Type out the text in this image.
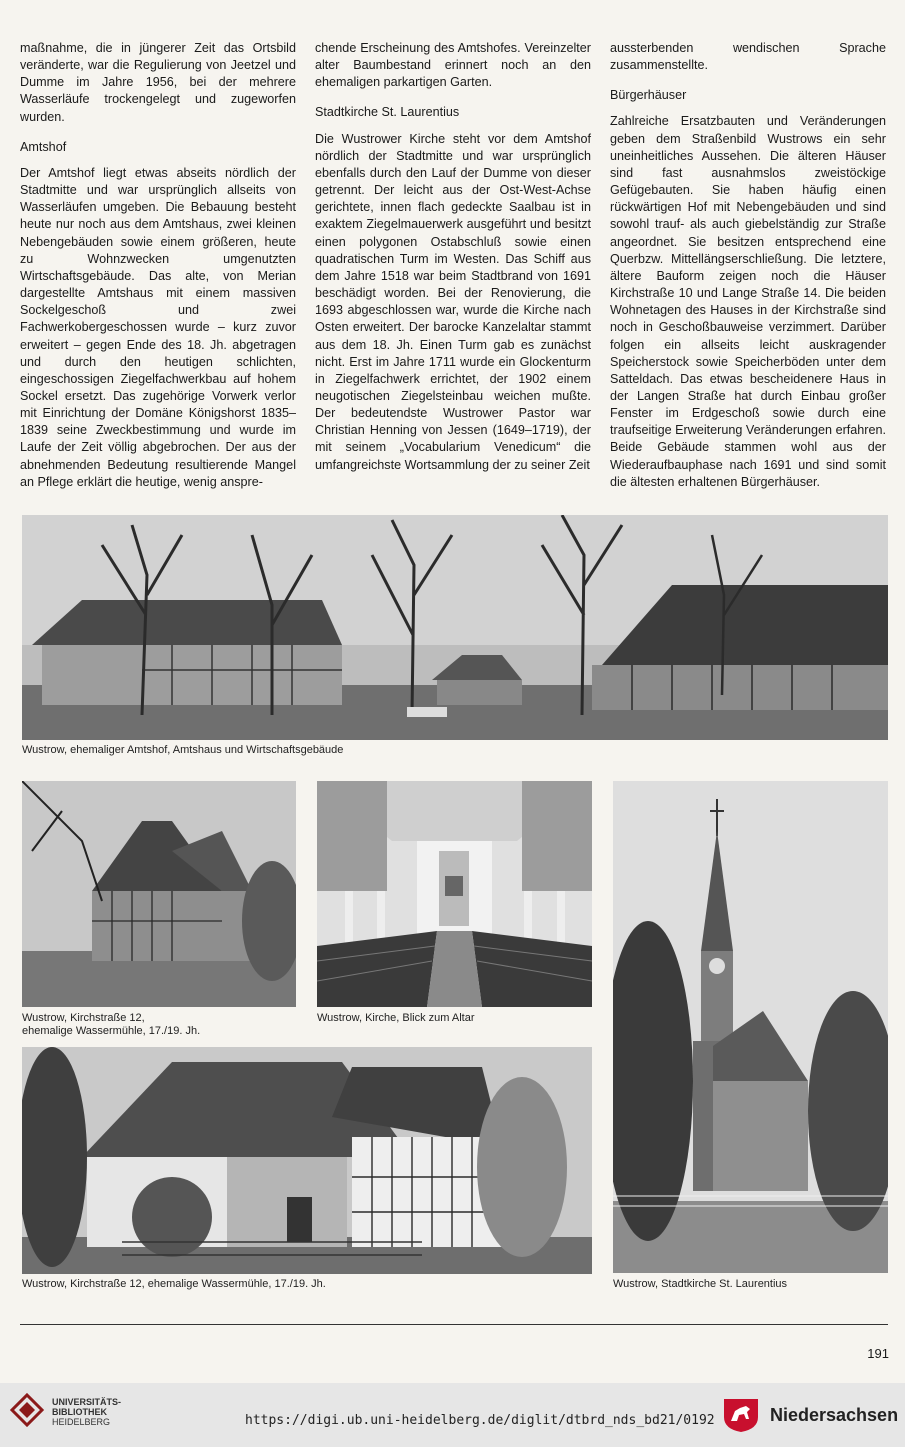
maßnahme, die in jüngerer Zeit das Ortsbild veränderte, war die Regulierung von Jeetzel und Dumme im Jahre 1956, bei der mehrere Wasserläufe trockengelegt und zugeworfen wurden.

Amtshof

Der Amtshof liegt etwas abseits nördlich der Stadtmitte und war ursprünglich allseits von Wasserläufen umgeben. Die Bebauung besteht heute nur noch aus dem Amtshaus, zwei kleinen Nebengebäuden sowie einem größeren, heute zu Wohnzwecken umgenutzten Wirtschaftsgebäude. Das alte, von Merian dargestellte Amtshaus mit einem massiven Sockelgeschoß und zwei Fachwerkobergeschossen wurde – kurz zuvor erweitert – gegen Ende des 18. Jh. abgetragen und durch den heutigen schlichten, eingeschossigen Ziegelfachwerkbau auf hohem Sockel ersetzt. Das zugehörige Vorwerk verlor mit Einrichtung der Domäne Königshorst 1835–1839 seine Zweckbestimmung und wurde im Laufe der Zeit völlig abgebrochen. Der aus der abnehmenden Bedeutung resultierende Mangel an Pflege erklärt die heutige, wenig anspre-

chende Erscheinung des Amtshofes. Vereinzelter alter Baumbestand erinnert noch an den ehemaligen parkartigen Garten.

Stadtkirche St. Laurentius

Die Wustrower Kirche steht vor dem Amtshof nördlich der Stadtmitte und war ursprünglich ebenfalls durch den Lauf der Dumme von dieser getrennt. Der leicht aus der Ost-West-Achse gerichtete, innen flach gedeckte Saalbau ist in exaktem Ziegelmauerwerk ausgeführt und besitzt einen polygonen Ostabschluß sowie einen quadratischen Turm im Westen. Das Schiff aus dem Jahre 1518 war beim Stadtbrand von 1691 beschädigt worden. Bei der Renovierung, die 1693 abgeschlossen war, wurde die Kirche nach Osten erweitert. Der barocke Kanzelaltar stammt aus dem 18. Jh. Einen Turm gab es zunächst nicht. Erst im Jahre 1711 wurde ein Glockenturm in Ziegelfachwerk errichtet, der 1902 einem neugotischen Ziegelsteinbau weichen mußte. Der bedeutendste Wustrower Pastor war Christian Henning von Jessen (1649–1719), der mit seinem „Vocabularium Venedicum“ die umfangreichste Wortsammlung der zu seiner Zeit

aussterbenden wendischen Sprache zusammenstellte.

Bürgerhäuser

Zahlreiche Ersatzbauten und Veränderungen geben dem Straßenbild Wustrows ein sehr uneinheitliches Aussehen. Die älteren Häuser sind fast ausnahmslos zweistöckige Gefügebauten. Sie haben häufig einen rückwärtigen Hof mit Nebengebäuden und sind sowohl trauf- als auch giebelständig zur Straße angeordnet. Sie besitzen entsprechend eine Querbzw. Mittellängserschließung. Die letztere, ältere Bauform zeigen noch die Häuser Kirchstraße 10 und Lange Straße 14. Die beiden Wohnetagen des Hauses in der Kirchstraße sind noch in Geschoßbauweise verzimmert. Darüber folgen ein allseits leicht auskragender Speicherstock sowie Speicherböden unter dem Satteldach. Das etwas bescheidenere Haus in der Langen Straße hat durch Einbau großer Fenster im Erdgeschoß sowie durch eine traufseitige Erweiterung Veränderungen erfahren. Beide Gebäude stammen wohl aus der Wiederaufbauphase nach 1691 und sind somit die ältesten erhaltenen Bürgerhäuser.

Wustrow, ehemaliger Amtshof, Amtshaus und Wirtschaftsgebäude
Wustrow, Kirchstraße 12,
ehemalige Wassermühle, 17./19. Jh.
Wustrow, Kirche, Blick zum Altar
Wustrow, Kirchstraße 12, ehemalige Wassermühle, 17./19. Jh.	Wustrow, Stadtkirche St. Laurentius
191
UNIVERSITÄTS-
BIBLIOTHEK
HEIDELBERG	https://digi.ub.uni-heidelberg.de/diglit/dtbrd_nds_bd21/0192	Niedersachsen
